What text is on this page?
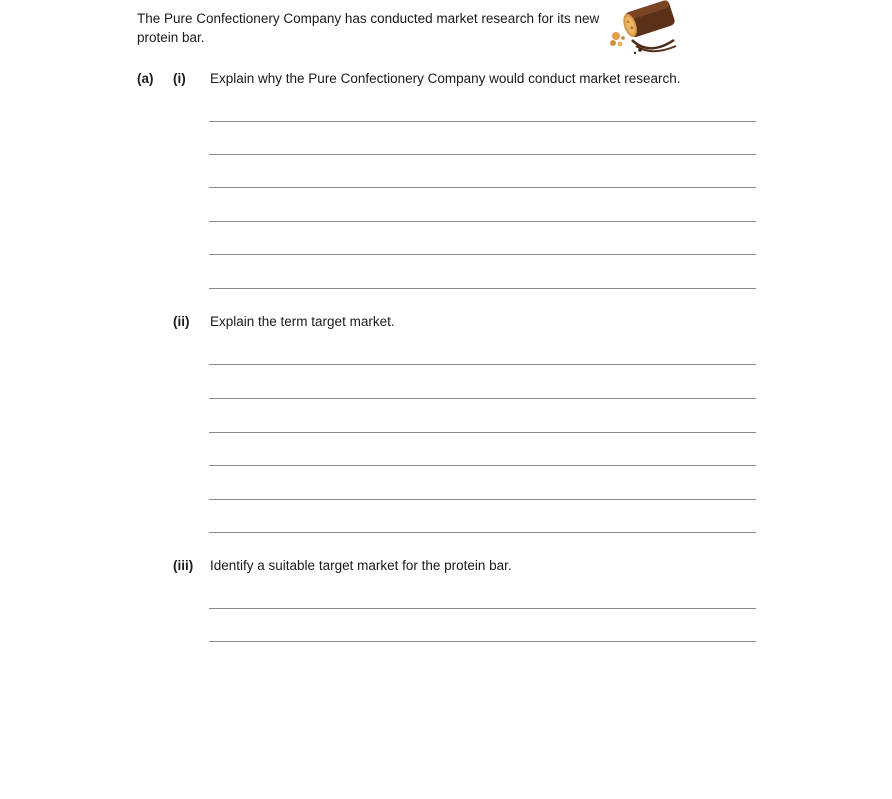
The Pure Confectionery Company has conducted market research for its new protein bar.

(a) (i) Explain why the Pure Confectionery Company would conduct market research.
(ii) Explain the term target market.
(iii) Identify a suitable target market for the protein bar.
